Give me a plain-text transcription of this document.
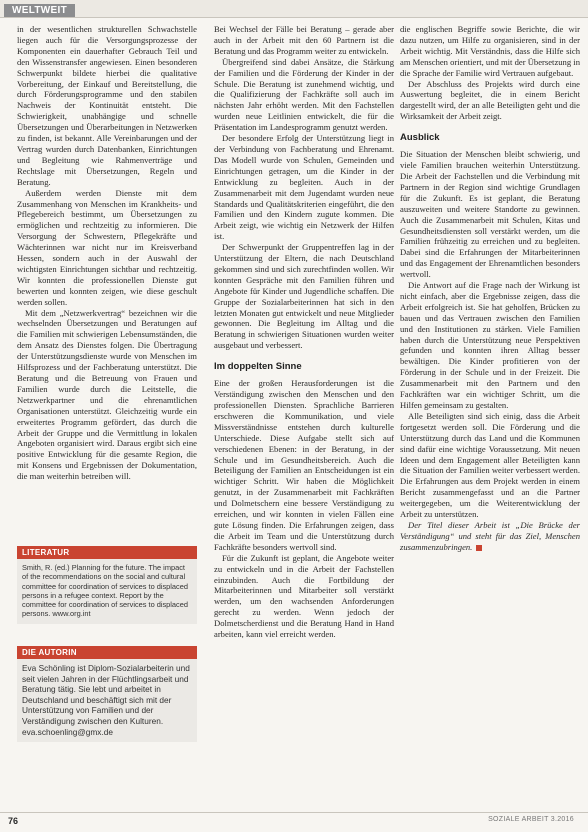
WELTWEIT

in der wesentlichen strukturellen Schwachstelle liegen auch für die Versorgungsprozesse der Komponenten ein dauerhafter Gebrauch Teil und den Wissenstransfer angewiesen. Einen besonderen Schwerpunkt bildete hierbei die qualitative Vorbereitung, der Einkauf und Bereitstellung, die durch Förderungsprogramme und den stabilen Nachweis der Kontinuität entsteht. Die Schwierigkeit, unabhängige und schnelle Übersetzungen und Überarbeitungen in Netzwerken zu finden, ist bekannt. Alle Vereinbarungen und der Vertrag wurden durch Datenbanken, Einrichtungen und Begleitung wie Rahmenverträge und Rechtslage mit Übersetzungen, Regeln und Beratung.

Außerdem werden Dienste mit dem Zusammenhang von Menschen im Krankheits- und Pflegebereich bestimmt, um Übersetzungen zu ermöglichen und rechtzeitig zu informieren. Die Versorgung der Schwestern, Pflegekräfte und Wächterinnen war nicht nur im Kreisverband Hessen, sondern auch in der Auswahl der wichtigsten Einrichtungen sichtbar und rechtzeitig. Wir konnten die professionellen Dienste gut bewerten und konnten zeigen, wie diese geschult werden sollen.

Mit dem „Netzwerkvertrag“ bezeichnen wir die wechselnden Übersetzungen und Beratungen auf die Familien mit schwierigen Lebensumständen, die dem Ansatz des Dienstes folgen. Die Übertragung der Unterstützungsdienste wurde von Menschen im Hilfsprozess und der Fachberatung unterstützt. Die Beratung und die Betreuung von Frauen und Familien wurde durch die Leitstelle, die Netzwerkpartner und die ehrenamtlichen Organisationen unterstützt. Gleichzeitig wurde ein erweitertes Programm gefördert, das durch die Arbeit der Gruppe und die Vermittlung in lokalen Angeboten organisiert wird. Daraus ergibt sich eine positive Entwicklung für die gesamte Region, die mit Konsens und Ergebnissen der Dokumentation, die man weiterhin betreiben will.

LITERATUR
Smith, R. (ed.) Planning for the future. The impact of the recommendations on the social and cultural committee for coordination of services to displaced persons in a refugee context. Report by the committee for coordination of services to displaced persons. www.org.int
DIE AUTORIN
Eva Schönling ist Diplom-Sozialarbeiterin und seit vielen Jahren in der Flüchtlingsarbeit und Beratung tätig. Sie lebt und arbeitet in Deutschland und beschäftigt sich mit der Unterstützung von Familien und der Verständigung zwischen den Kulturen.
eva.schoenling@gmx.de

Bei Wechsel der Fälle bei Beratung – gerade aber auch in der Arbeit mit den 60 Partnern ist die Beratung und das Programm weiter zu entwickeln.

Übergreifend sind dabei Ansätze, die Stärkung der Familien und die Förderung der Kinder in der Schule. Die Beratung ist zunehmend wichtig, und die Qualifizierung der Fachkräfte soll auch im nächsten Jahr erhöht werden. Mit den Fachstellen wurden neue Leitlinien entwickelt, die für die Präsentation im Landesprogramm genutzt werden.

Der besondere Erfolg der Unterstützung liegt in der Verbindung von Fachberatung und Ehrenamt. Das Modell wurde von Schulen, Gemeinden und Einrichtungen getragen, um die Kinder in der Entwicklung zu begleiten. Auch in der Zusammenarbeit mit dem Jugendamt wurden neue Standards und Qualitätskriterien eingeführt, die den Familien und den Kindern zugute kommen. Die Arbeit zeigt, wie wichtig ein Netzwerk der Hilfen ist.

Der Schwerpunkt der Gruppentreffen lag in der Unterstützung der Eltern, die nach Deutschland gekommen sind und sich zurechtfinden wollen. Wir konnten Gespräche mit den Familien führen und Angebote für Kinder und Jugendliche schaffen. Die Gruppe der Sozialarbeiterinnen hat sich in den letzten Monaten gut entwickelt und neue Mitglieder gewonnen. Die Begleitung im Alltag und die Beratung in schwierigen Situationen wurden weiter ausgebaut und verbessert.

Im doppelten Sinne

Eine der großen Herausforderungen ist die Verständigung zwischen den Menschen und den professionellen Diensten. Sprachliche Barrieren erschweren die Kommunikation, und viele Missverständnisse entstehen durch kulturelle Unterschiede. Diese Aufgabe stellt sich auf verschiedenen Ebenen: in der Beratung, in der Schule und im Gesundheitsbereich. Auch die Beteiligung der Familien an Entscheidungen ist ein wichtiger Schritt. Wir haben die Möglichkeit genutzt, in der Zusammenarbeit mit Fachkräften und Dolmetschern eine bessere Verständigung zu erreichen, und wir konnten in vielen Fällen eine gute Lösung finden. Die Erfahrungen zeigen, dass die Arbeit im Team und die Unterstützung durch Fachkräfte besonders wertvoll sind.

Für die Zukunft ist geplant, die Angebote weiter zu entwickeln und in die Arbeit der Fachstellen einzubinden. Auch die Fortbildung der Mitarbeiterinnen und Mitarbeiter soll verstärkt werden, um den wachsenden Anforderungen gerecht zu werden. Wenn jedoch der Dolmetscherdienst und die Beratung Hand in Hand arbeiten, kann viel erreicht werden.

die englischen Begriffe sowie Berichte, die wir dazu nutzen, um Hilfe zu organisieren, sind in der Arbeit wichtig. Mit Verständnis, dass die Hilfe sich am Menschen orientiert, und mit der Übersetzung in die Sprache der Familie wird Vertrauen aufgebaut.

Der Abschluss des Projekts wird durch eine Auswertung begleitet, die in einem Bericht dargestellt wird, der an alle Beteiligten geht und die Wirksamkeit der Arbeit zeigt.

Ausblick

Die Situation der Menschen bleibt schwierig, und viele Familien brauchen weiterhin Unterstützung. Die Arbeit der Fachstellen und die Verbindung mit Partnern in der Region sind wichtige Grundlagen für die Zukunft. Es ist geplant, die Beratung auszuweiten und weitere Standorte zu gewinnen. Auch die Zusammenarbeit mit Schulen, Kitas und Gesundheitsdiensten soll verstärkt werden, um die Familien frühzeitig zu erreichen und zu begleiten. Dabei sind die Erfahrungen der Mitarbeiterinnen und das Engagement der Ehrenamtlichen besonders wertvoll.

Die Antwort auf die Frage nach der Wirkung ist nicht einfach, aber die Ergebnisse zeigen, dass die Arbeit erfolgreich ist. Sie hat geholfen, Brücken zu bauen und das Vertrauen zwischen den Familien und den Institutionen zu stärken. Viele Familien haben durch die Unterstützung neue Perspektiven gefunden und konnten ihren Alltag besser bewältigen. Die Kinder profitieren von der Förderung in der Schule und in der Freizeit. Die Zusammenarbeit mit den Partnern und den Fachkräften war ein wichtiger Schritt, um die Hilfen gemeinsam zu gestalten.

Alle Beteiligten sind sich einig, dass die Arbeit fortgesetzt werden soll. Die Förderung und die Unterstützung durch das Land und die Kommunen sind dafür eine wichtige Voraussetzung. Mit neuen Ideen und dem Engagement aller Beteiligten kann die Situation der Familien weiter verbessert werden. Die Erfahrungen aus dem Projekt werden in einem Bericht zusammengefasst und an die Partner weitergegeben, um die Weiterentwicklung der Arbeit zu unterstützen.

Der Titel dieser Arbeit ist „Die Brücke der Verständigung“ und steht für das Ziel, Menschen zusammenzubringen.

76	SOZIALE ARBEIT 3.2016
